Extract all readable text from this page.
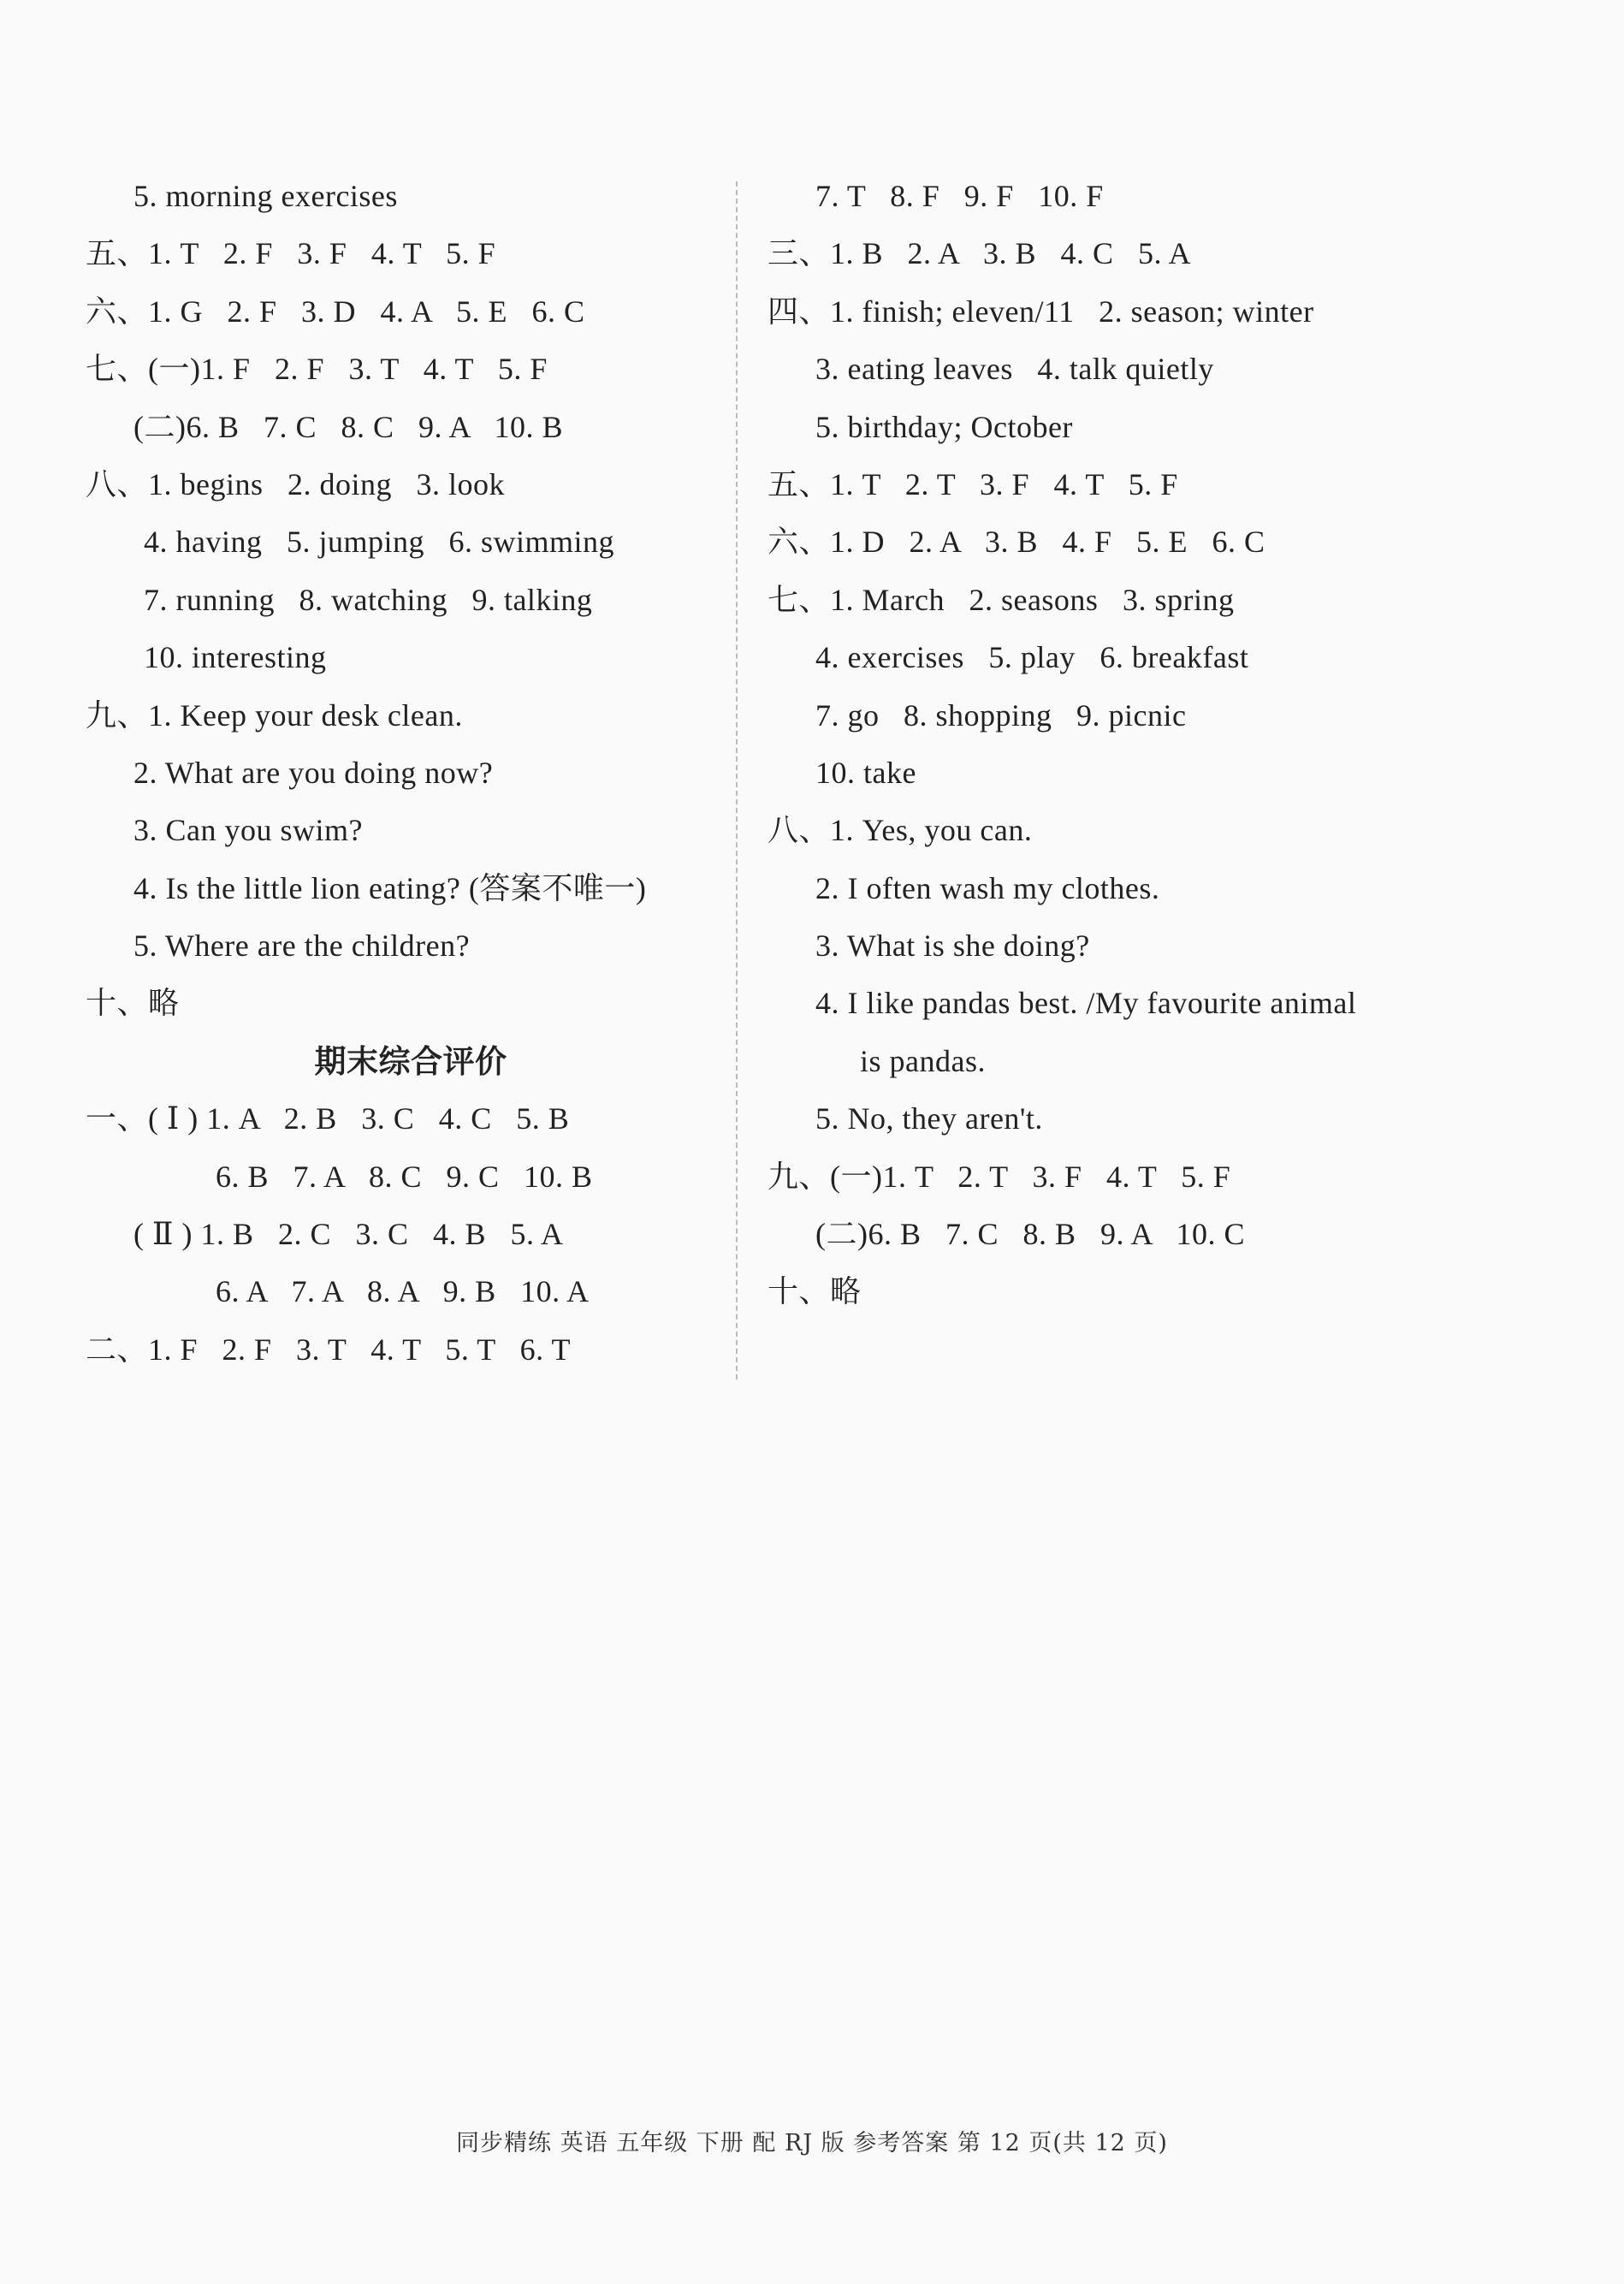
5. morning exercises
五、1. T   2. F   3. F   4. T   5. F
六、1. G   2. F   3. D   4. A   5. E   6. C
七、(一)1. F   2. F   3. T   4. T   5. F
(二)6. B   7. C   8. C   9. A   10. B
八、1. begins   2. doing   3. look
4. having   5. jumping   6. swimming
7. running   8. watching   9. talking
10. interesting
九、1. Keep your desk clean.
2. What are you doing now?
3. Can you swim?
4. Is the little lion eating? (答案不唯一)
5. Where are the children?
十、略
期末综合评价
一、( Ⅰ ) 1. A   2. B   3. C   4. C   5. B
6. B   7. A   8. C   9. C   10. B
( Ⅱ ) 1. B   2. C   3. C   4. B   5. A
6. A   7. A   8. A   9. B   10. A
二、1. F   2. F   3. T   4. T   5. T   6. T
7. T   8. F   9. F   10. F
三、1. B   2. A   3. B   4. C   5. A
四、1. finish; eleven/11   2. season; winter
3. eating leaves   4. talk quietly
5. birthday; October
五、1. T   2. T   3. F   4. T   5. F
六、1. D   2. A   3. B   4. F   5. E   6. C
七、1. March   2. seasons   3. spring
4. exercises   5. play   6. breakfast
7. go   8. shopping   9. picnic
10. take
八、1. Yes, you can.
2. I often wash my clothes.
3. What is she doing?
4. I like pandas best. /My favourite animal
is pandas.
5. No, they aren't.
九、(一)1. T   2. T   3. F   4. T   5. F
(二)6. B   7. C   8. B   9. A   10. C
十、略
同步精练 英语 五年级 下册 配 RJ 版 参考答案 第 12 页(共 12 页)
